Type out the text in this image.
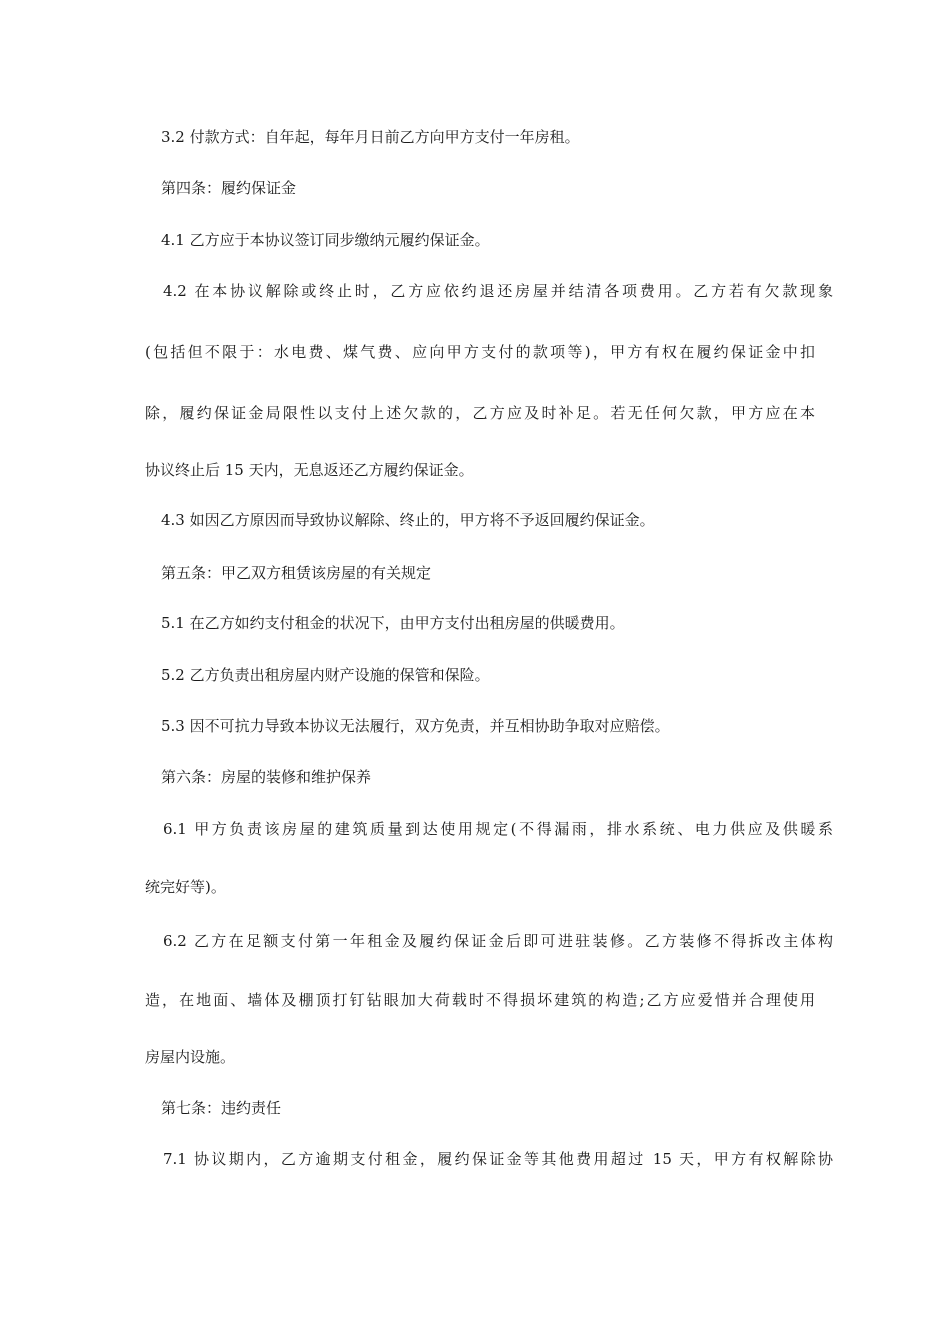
3.2 付款方式：自年起，每年月日前乙方向甲方支付一年房租。
第四条：履约保证金
4.1 乙方应于本协议签订同步缴纳元履约保证金。
4.2 在本协议解除或终止时，乙方应依约退还房屋并结清各项费用。乙方若有欠款现象
(包括但不限于：水电费、煤气费、应向甲方支付的款项等)，甲方有权在履约保证金中扣
除，履约保证金局限性以支付上述欠款的，乙方应及时补足。若无任何欠款，甲方应在本
协议终止后 15 天内，无息返还乙方履约保证金。
4.3 如因乙方原因而导致协议解除、终止的，甲方将不予返回履约保证金。
第五条：甲乙双方租赁该房屋的有关规定
5.1 在乙方如约支付租金的状况下，由甲方支付出租房屋的供暖费用。
5.2 乙方负责出租房屋内财产设施的保管和保险。
5.3 因不可抗力导致本协议无法履行，双方免责，并互相协助争取对应赔偿。
第六条：房屋的装修和维护保养
6.1 甲方负责该房屋的建筑质量到达使用规定(不得漏雨，排水系统、电力供应及供暖系
统完好等)。
6.2 乙方在足额支付第一年租金及履约保证金后即可进驻装修。乙方装修不得拆改主体构
造，在地面、墙体及棚顶打钉钻眼加大荷载时不得损坏建筑的构造;乙方应爱惜并合理使用
房屋内设施。
第七条：违约责任
7.1 协议期内，乙方逾期支付租金，履约保证金等其他费用超过 15 天，甲方有权解除协
